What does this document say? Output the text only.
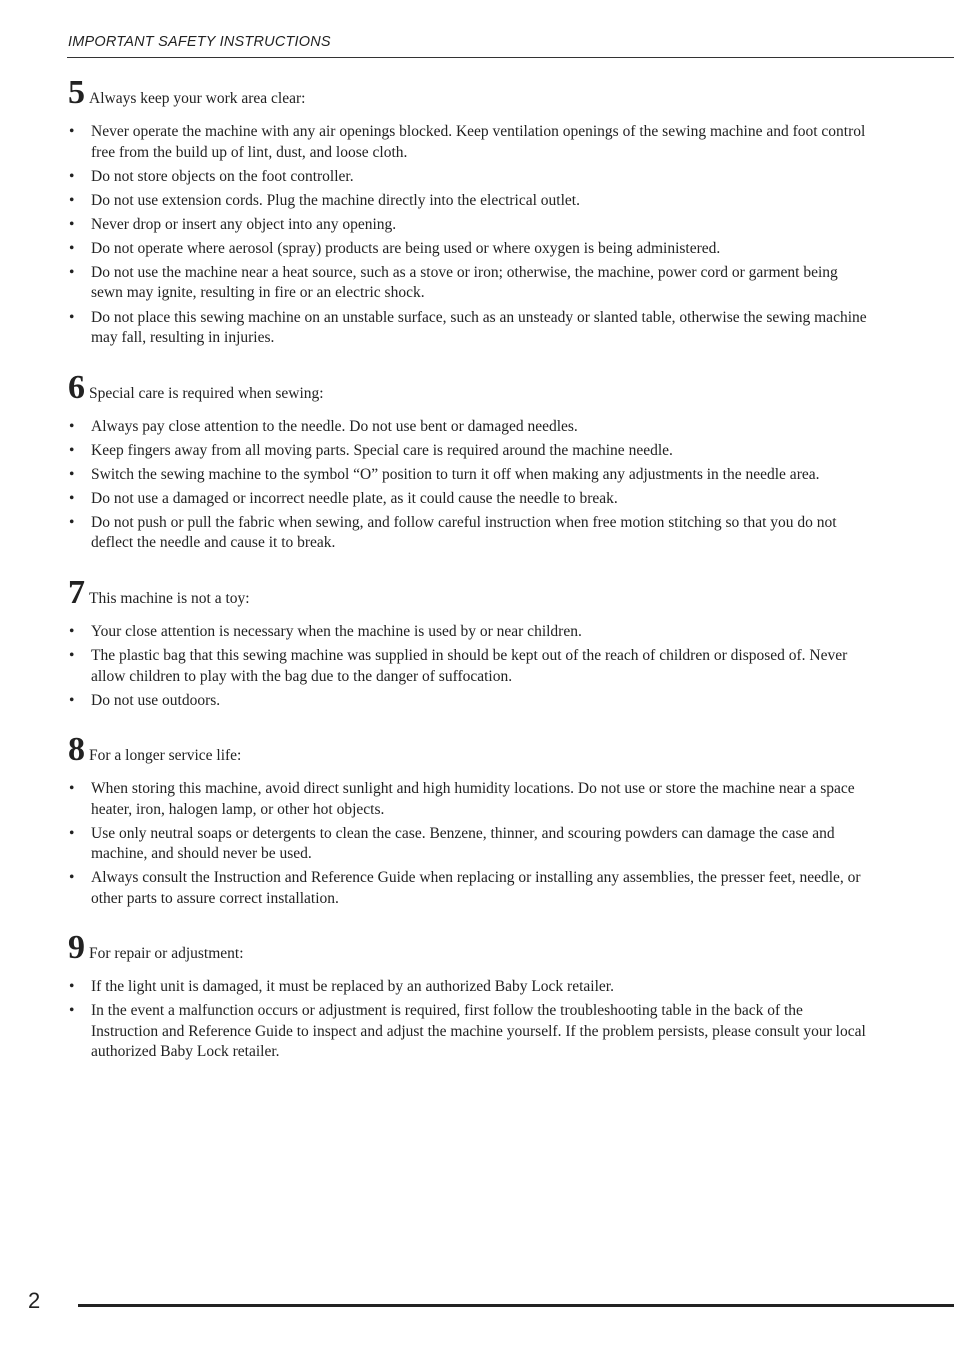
IMPORTANT SAFETY INSTRUCTIONS
5 Always keep your work area clear:
• Never operate the machine with any air openings blocked. Keep ventilation openings of the sewing machine and foot control free from the build up of lint, dust, and loose cloth.
• Do not store objects on the foot controller.
• Do not use extension cords. Plug the machine directly into the electrical outlet.
• Never drop or insert any object into any opening.
• Do not operate where aerosol (spray) products are being used or where oxygen is being administered.
• Do not use the machine near a heat source, such as a stove or iron; otherwise, the machine, power cord or garment being sewn may ignite, resulting in fire or an electric shock.
• Do not place this sewing machine on an unstable surface, such as an unsteady or slanted table, otherwise the sewing machine may fall, resulting in injuries.
6 Special care is required when sewing:
• Always pay close attention to the needle. Do not use bent or damaged needles.
• Keep fingers away from all moving parts. Special care is required around the machine needle.
• Switch the sewing machine to the symbol “O” position to turn it off when making any adjustments in the needle area.
• Do not use a damaged or incorrect needle plate, as it could cause the needle to break.
• Do not push or pull the fabric when sewing, and follow careful instruction when free motion stitching so that you do not deflect the needle and cause it to break.
7 This machine is not a toy:
• Your close attention is necessary when the machine is used by or near children.
• The plastic bag that this sewing machine was supplied in should be kept out of the reach of children or disposed of. Never allow children to play with the bag due to the danger of suffocation.
• Do not use outdoors.
8 For a longer service life:
• When storing this machine, avoid direct sunlight and high humidity locations. Do not use or store the machine near a space heater, iron, halogen lamp, or other hot objects.
• Use only neutral soaps or detergents to clean the case. Benzene, thinner, and scouring powders can damage the case and machine, and should never be used.
• Always consult the Instruction and Reference Guide when replacing or installing any assemblies, the presser feet, needle, or other parts to assure correct installation.
9 For repair or adjustment:
• If the light unit is damaged, it must be replaced by an authorized Baby Lock retailer.
• In the event a malfunction occurs or adjustment is required, first follow the troubleshooting table in the back of the Instruction and Reference Guide to inspect and adjust the machine yourself. If the problem persists, please consult your local authorized Baby Lock retailer.
2
